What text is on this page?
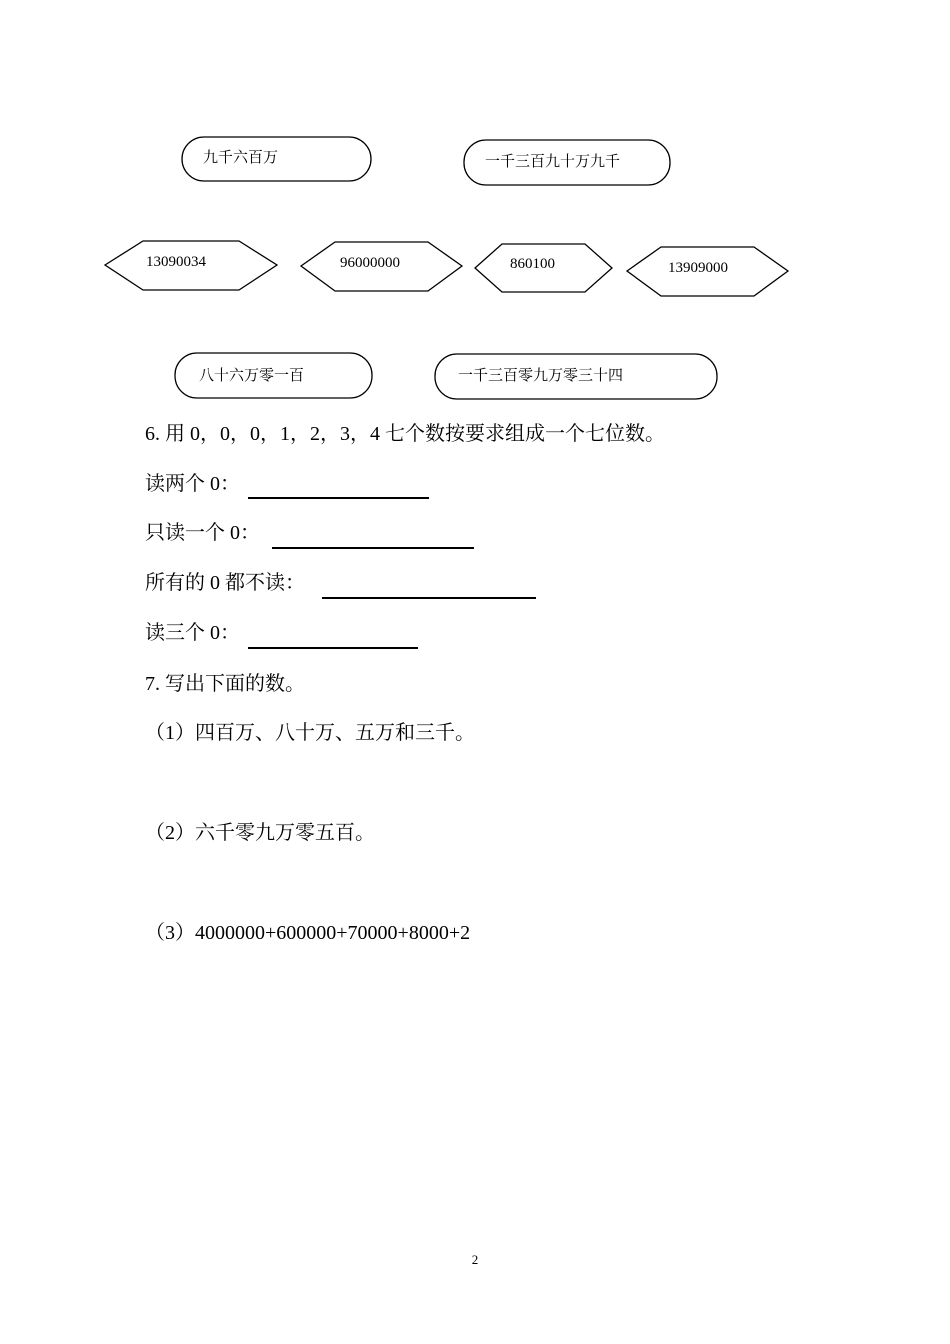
九千六百万	一千三百九十万九千
13090034	96000000	860100	13909000
八十六万零一百	一千三百零九万零三十四
6. 用 0，0，0，1，2，3，4 七个数按要求组成一个七位数。
读两个 0：
只读一个 0：
所有的 0 都不读：
读三个 0：
7. 写出下面的数。
（1）四百万、八十万、五万和三千。
（2）六千零九万零五百。
（3）4000000+600000+70000+8000+2
2
